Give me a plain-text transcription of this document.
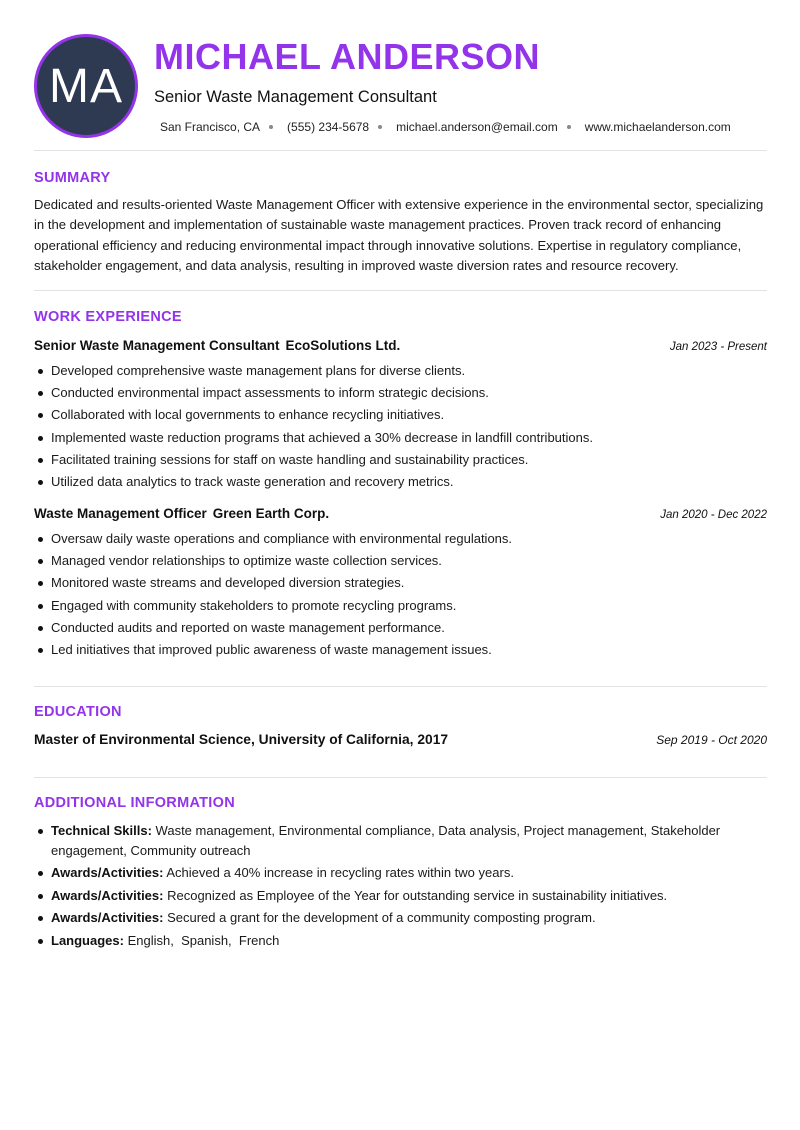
MA
MICHAEL ANDERSON
Senior Waste Management Consultant
San Francisco, CA (555) 234-5678 michael.anderson@email.com www.michaelanderson.com
SUMMARY
Dedicated and results-oriented Waste Management Officer with extensive experience in the environmental sector, specializing in the development and implementation of sustainable waste management practices. Proven track record of enhancing operational efficiency and reducing environmental impact through innovative solutions. Expertise in regulatory compliance, stakeholder engagement, and data analysis, resulting in improved waste diversion rates and resource recovery.
WORK EXPERIENCE
Senior Waste Management Consultant EcoSolutions Ltd.	Jan 2023 - Present
Developed comprehensive waste management plans for diverse clients.
Conducted environmental impact assessments to inform strategic decisions.
Collaborated with local governments to enhance recycling initiatives.
Implemented waste reduction programs that achieved a 30% decrease in landfill contributions.
Facilitated training sessions for staff on waste handling and sustainability practices.
Utilized data analytics to track waste generation and recovery metrics.
Waste Management Officer Green Earth Corp.	Jan 2020 - Dec 2022
Oversaw daily waste operations and compliance with environmental regulations.
Managed vendor relationships to optimize waste collection services.
Monitored waste streams and developed diversion strategies.
Engaged with community stakeholders to promote recycling programs.
Conducted audits and reported on waste management performance.
Led initiatives that improved public awareness of waste management issues.
EDUCATION
Master of Environmental Science, University of California, 2017	Sep 2019 - Oct 2020
ADDITIONAL INFORMATION
Technical Skills: Waste management, Environmental compliance, Data analysis, Project management, Stakeholder engagement, Community outreach
Awards/Activities: Achieved a 40% increase in recycling rates within two years.
Awards/Activities: Recognized as Employee of the Year for outstanding service in sustainability initiatives.
Awards/Activities: Secured a grant for the development of a community composting program.
Languages: English,  Spanish,  French
